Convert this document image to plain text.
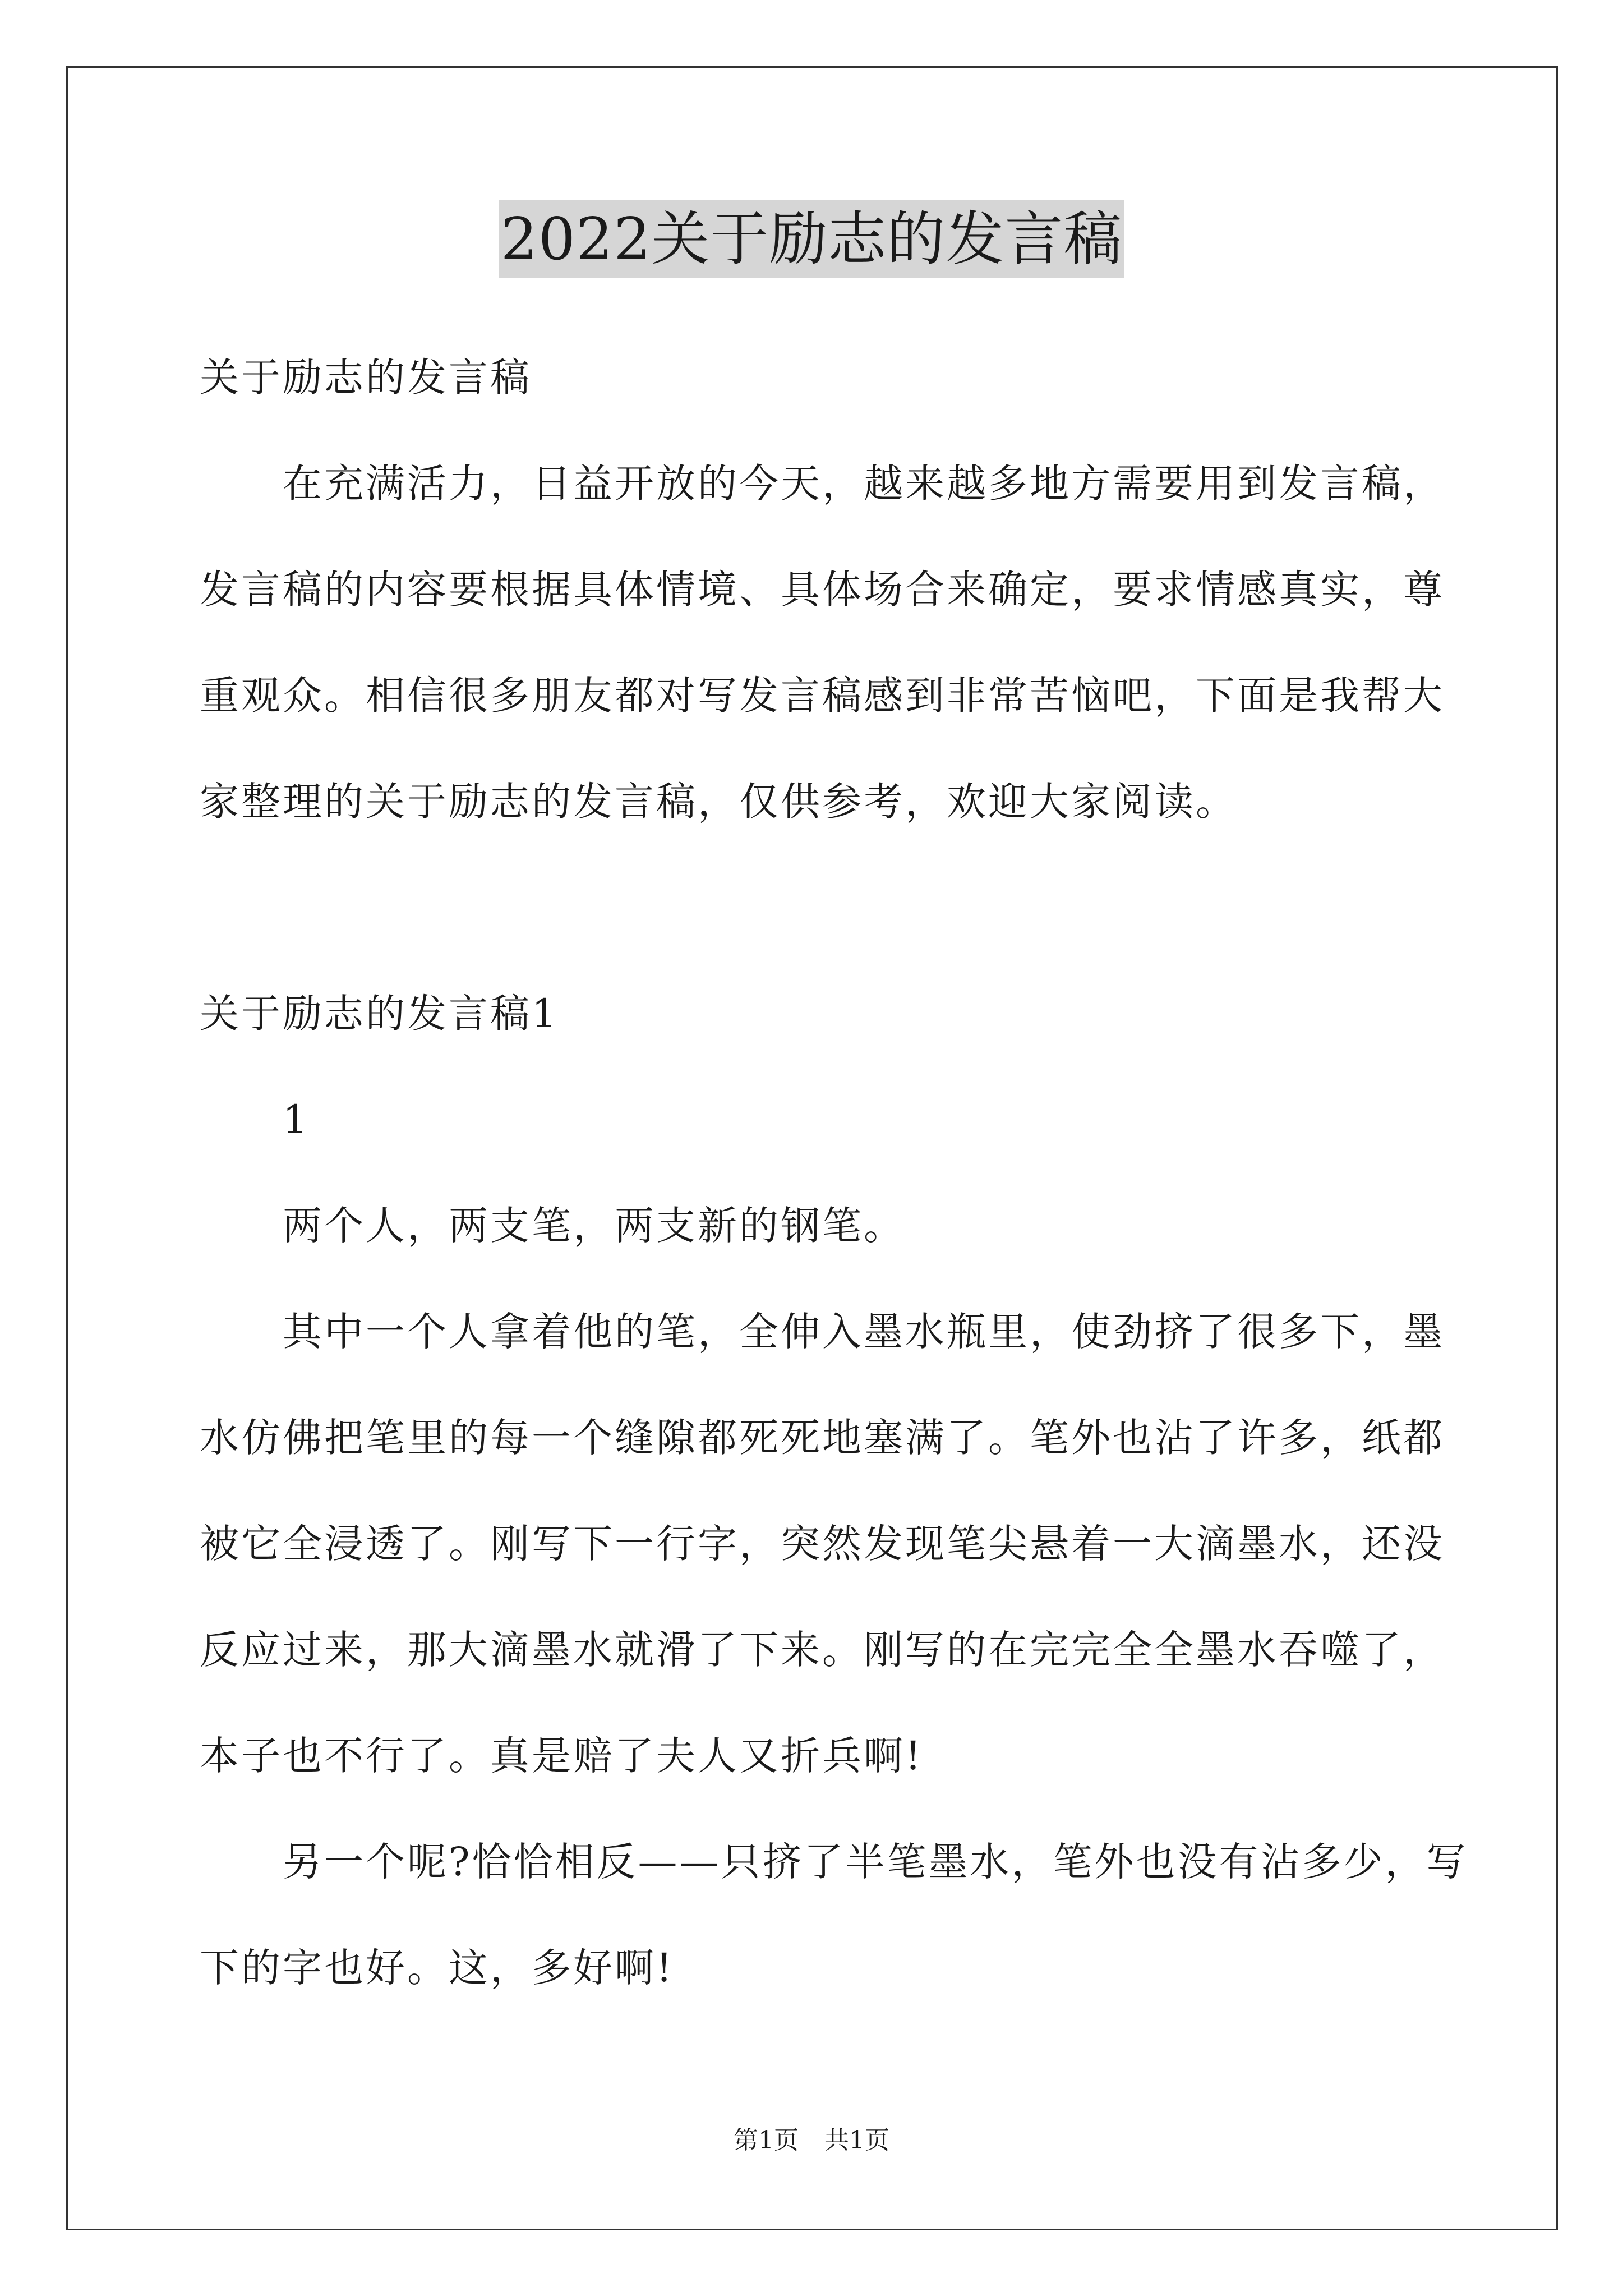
2022关于励志的发言稿
关于励志的发言稿
在充满活力，日益开放的今天，越来越多地方需要用到发言稿，
发言稿的内容要根据具体情境、具体场合来确定，要求情感真实，尊
重观众。相信很多朋友都对写发言稿感到非常苦恼吧，下面是我帮大
家整理的关于励志的发言稿，仅供参考，欢迎大家阅读。
关于励志的发言稿1
1
两个人，两支笔，两支新的钢笔。
其中一个人拿着他的笔，全伸入墨水瓶里，使劲挤了很多下，墨
水仿佛把笔里的每一个缝隙都死死地塞满了。笔外也沾了许多，纸都
被它全浸透了。刚写下一行字，突然发现笔尖悬着一大滴墨水，还没
反应过来，那大滴墨水就滑了下来。刚写的在完完全全墨水吞噬了，
本子也不行了。真是赔了夫人又折兵啊!
另一个呢?恰恰相反——只挤了半笔墨水，笔外也没有沾多少，写
下的字也好。这，多好啊!
第1页 共1页
